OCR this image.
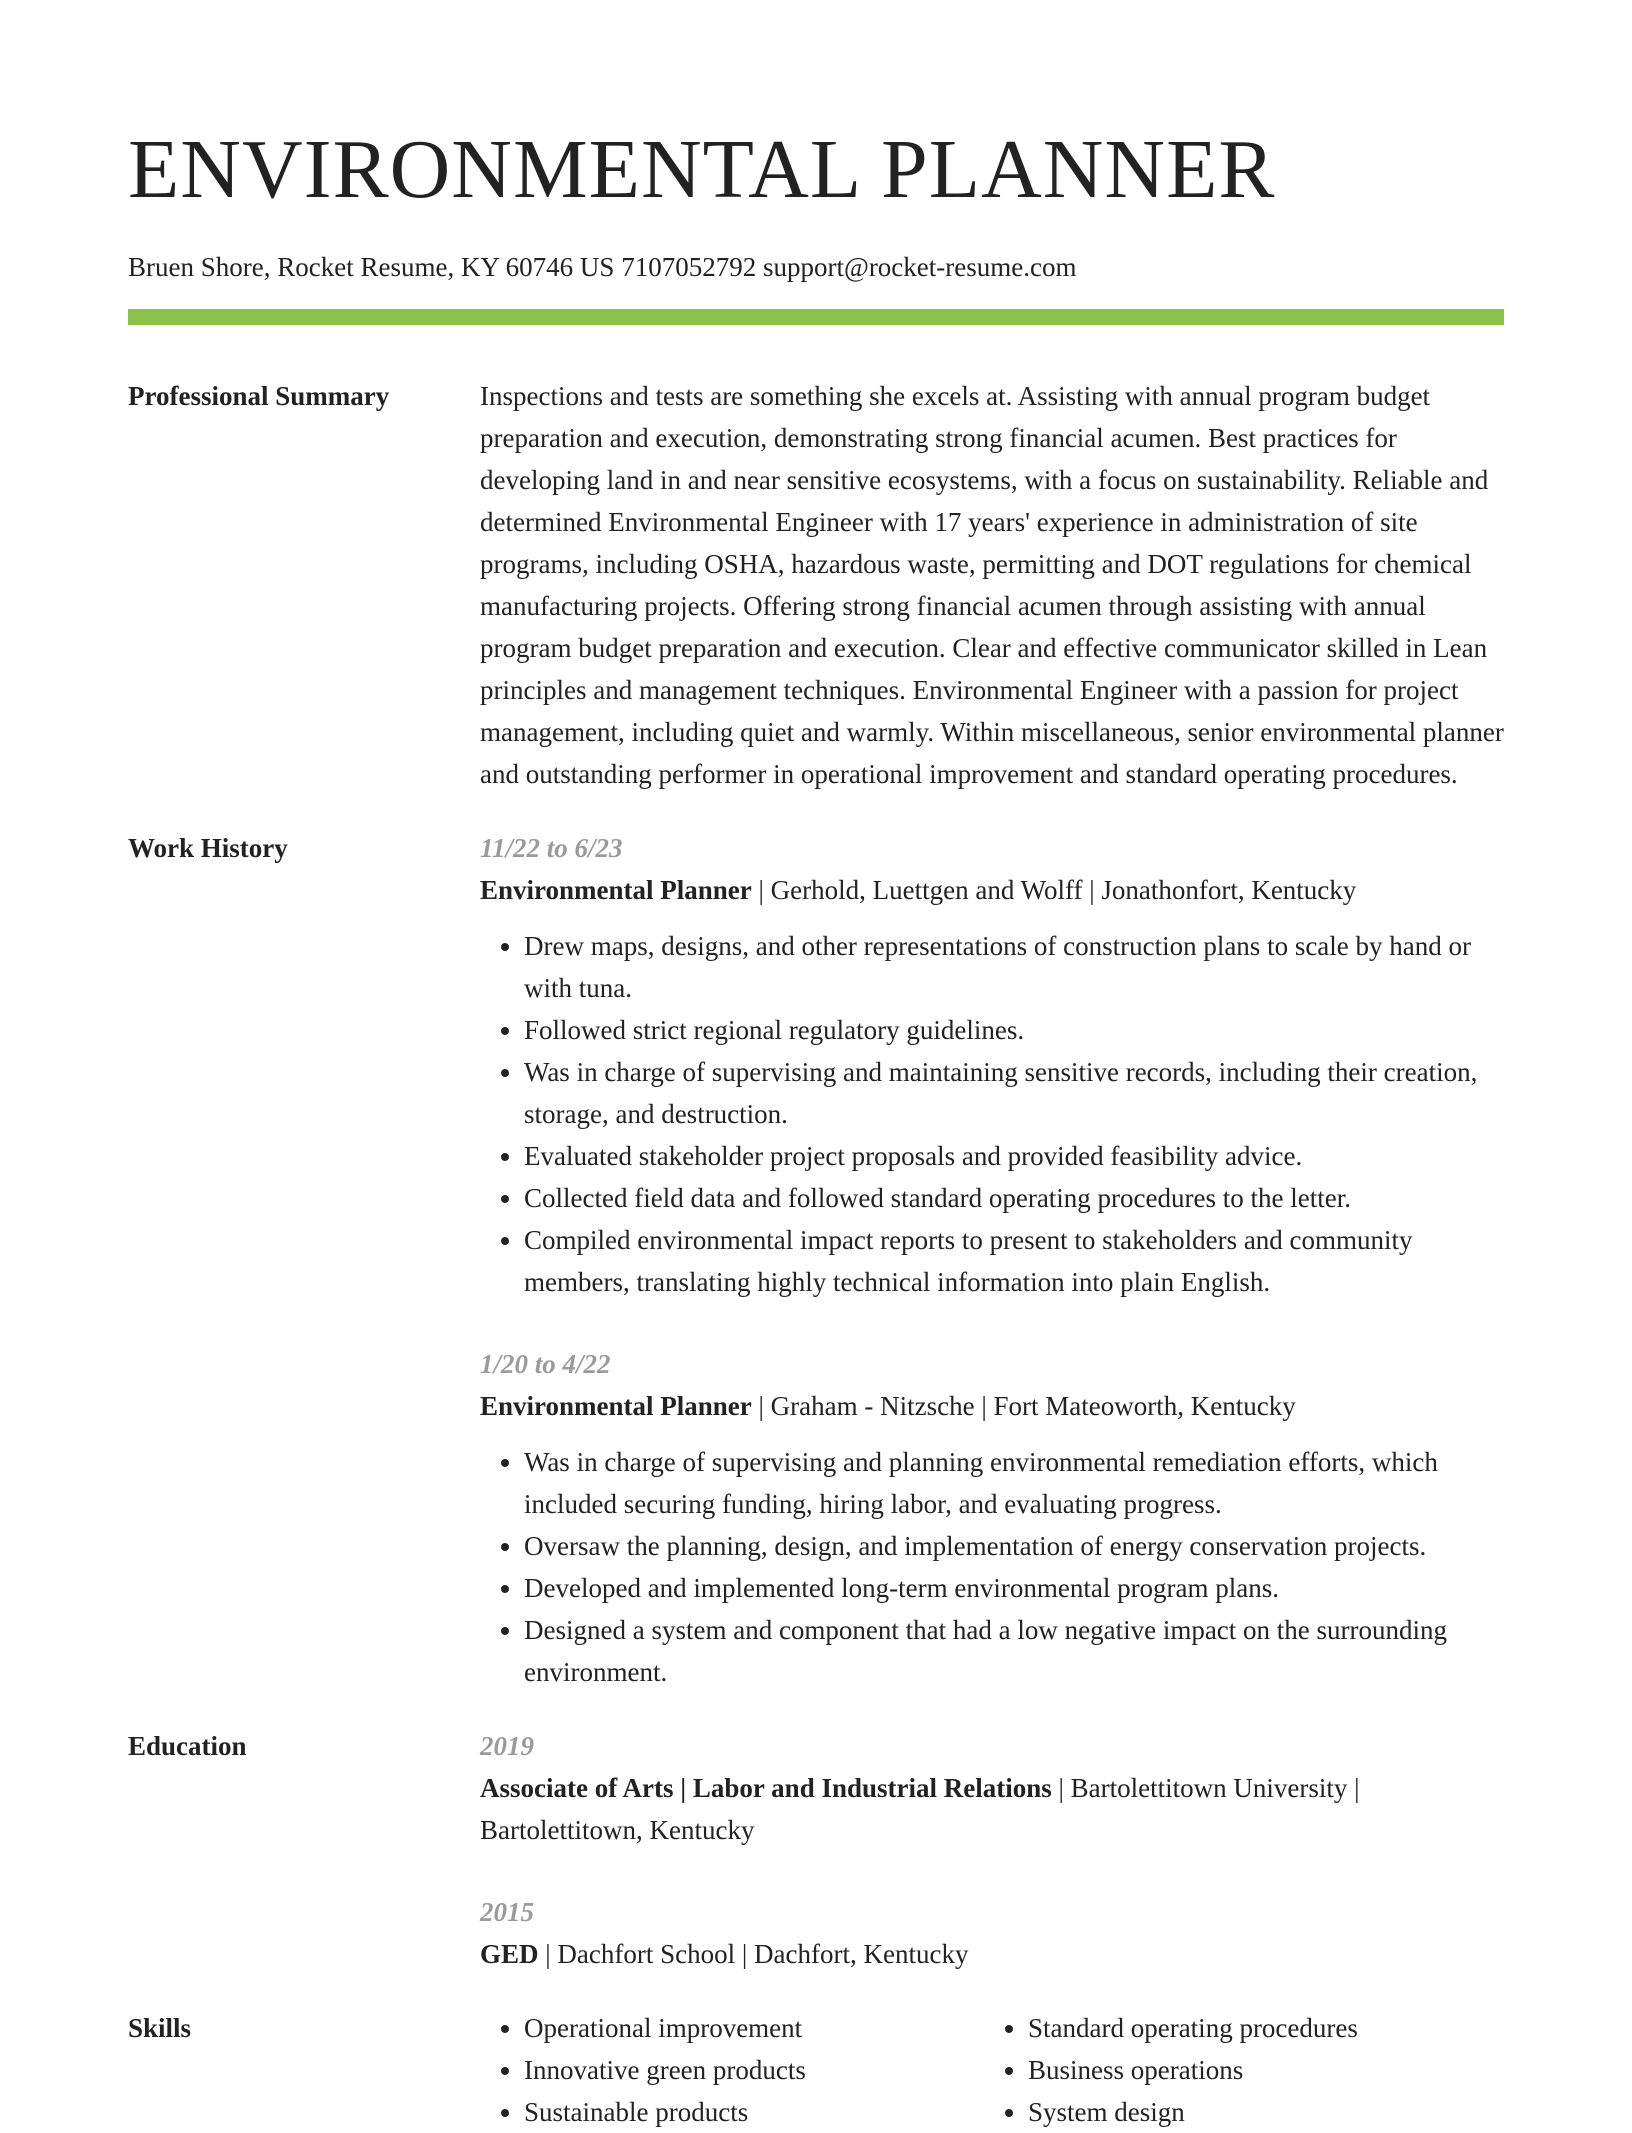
ENVIRONMENTAL PLANNER
Bruen Shore, Rocket Resume, KY 60746 US 7107052792 support@rocket-resume.com
Professional Summary	Inspections and tests are something she excels at. Assisting with annual program budget preparation and execution, demonstrating strong financial acumen. Best practices for developing land in and near sensitive ecosystems, with a focus on sustainability. Reliable and determined Environmental Engineer with 17 years' experience in administration of site programs, including OSHA, hazardous waste, permitting and DOT regulations for chemical manufacturing projects. Offering strong financial acumen through assisting with annual program budget preparation and execution. Clear and effective communicator skilled in Lean principles and management techniques. Environmental Engineer with a passion for project management, including quiet and warmly. Within miscellaneous, senior environmental planner and outstanding performer in operational improvement and standard operating procedures.

Work History	11/22 to 6/23
Environmental Planner | Gerhold, Luettgen and Wolff | Jonathonfort, Kentucky
• Drew maps, designs, and other representations of construction plans to scale by hand or with tuna.
• Followed strict regional regulatory guidelines.
• Was in charge of supervising and maintaining sensitive records, including their creation, storage, and destruction.
• Evaluated stakeholder project proposals and provided feasibility advice.
• Collected field data and followed standard operating procedures to the letter.
• Compiled environmental impact reports to present to stakeholders and community members, translating highly technical information into plain English.
1/20 to 4/22
Environmental Planner | Graham - Nitzsche | Fort Mateoworth, Kentucky
• Was in charge of supervising and planning environmental remediation efforts, which included securing funding, hiring labor, and evaluating progress.
• Oversaw the planning, design, and implementation of energy conservation projects.
• Developed and implemented long-term environmental program plans.
• Designed a system and component that had a low negative impact on the surrounding environment.
Education	2019
Associate of Arts | Labor and Industrial Relations | Bartolettitown University | Bartolettitown, Kentucky
2015
GED | Dachfort School | Dachfort, Kentucky
Skills
•	Operational improvement
• Innovative green products
• Sustainable products
• Standard operating procedures
• Business operations
• System design
